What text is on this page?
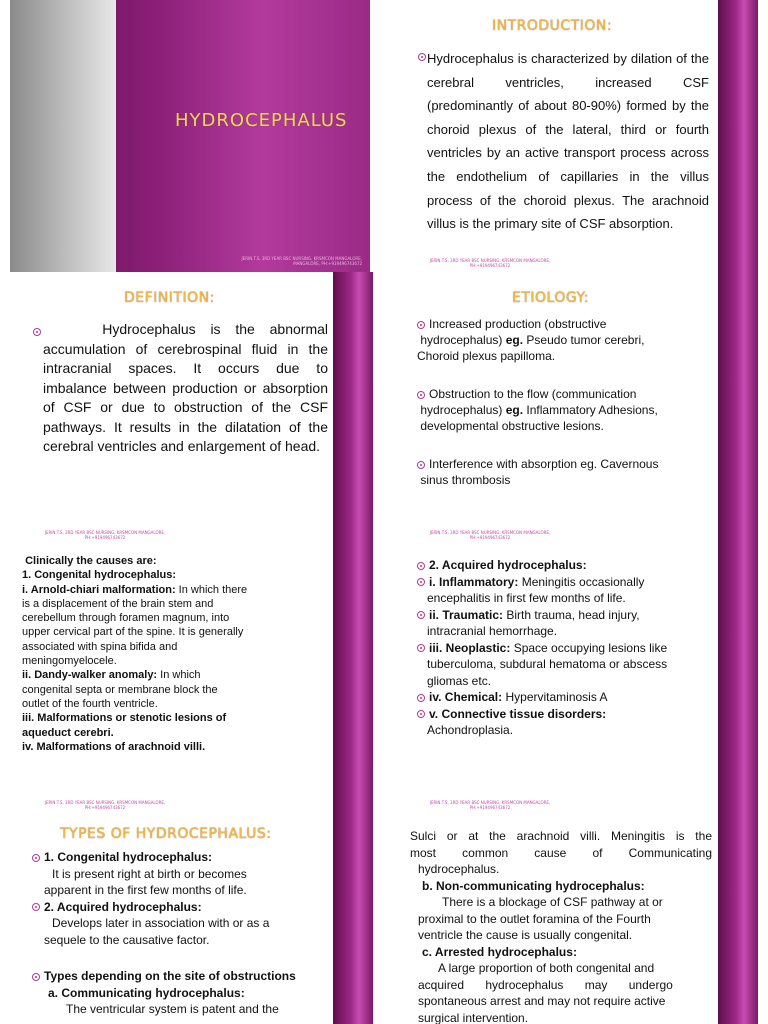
HYDROCEPHALUS
JERIN.T.S, 3RD YEAR BSC NURSING, KRSMCON MANGALORE,
MANGALORE, PH:+919496743672
INTRODUCTION:
Hydrocephalus is characterized by dilation of the cerebral ventricles, increased CSF (predominantly of about 80-90%) formed by the choroid plexus of the lateral, third or fourth ventricles by an active transport process across the endothelium of capillaries in the villus process of the choroid plexus. The arachnoid villus is the primary site of CSF absorption.
JERIN.T.S, 3RD YEAR BSC NURSING, KRSMCON MANGALORE,
PH:+919496743672
DEFINITION:
Hydrocephalus is the abnormal accumulation of cerebrospinal fluid in the intracranial spaces. It occurs due to imbalance between production or absorption of CSF or due to obstruction of the CSF pathways. It results in the dilatation of the cerebral ventricles and enlargement of head.
JERIN.T.S, 3RD YEAR BSC NURSING, KRSMCON MANGALORE,
PH:+919496743672
ETIOLOGY:
Increased production (obstructive
hydrocephalus) eg. Pseudo tumor cerebri,
Choroid plexus papilloma.
Obstruction to the flow (communication
hydrocephalus) eg. Inflammatory Adhesions,
developmental obstructive lesions.
Interference with absorption eg. Cavernous
sinus thrombosis
JERIN.T.S, 3RD YEAR BSC NURSING, KRSMCON MANGALORE,
PH:+919496743672
Clinically the causes are:
1. Congenital hydrocephalus:
i. Arnold-chiari malformation: In which there
is a displacement of the brain stem and
cerebellum through foramen magnum, into
upper cervical part of the spine. It is generally
associated with spina bifida and
meningomyelocele.
ii. Dandy-walker anomaly: In which
congenital septa or membrane block the
outlet of the fourth ventricle.
iii. Malformations or stenotic lesions of
aqueduct cerebri.
iv. Malformations of arachnoid villi.
JERIN.T.S, 3RD YEAR BSC NURSING, KRSMCON MANGALORE,
PH:+919496743672
2. Acquired hydrocephalus:
i. Inflammatory: Meningitis occasionally
encephalitis in first few months of life.
ii. Traumatic: Birth trauma, head injury,
intracranial hemorrhage.
iii. Neoplastic: Space occupying lesions like
tuberculoma, subdural hematoma or abscess
gliomas etc.
iv. Chemical: Hypervitaminosis A
v. Connective tissue disorders:
Achondroplasia.
JERIN.T.S, 3RD YEAR BSC NURSING, KRSMCON MANGALORE,
PH:+919496743672
TYPES OF HYDROCEPHALUS:
1. Congenital hydrocephalus:
It is present right at birth or becomes
apparent in the first few months of life.
2. Acquired hydrocephalus:
Develops later in association with or as a
sequele to the causative factor.
Types depending on the site of obstructions
a. Communicating hydrocephalus:
The ventricular system is patent and the
Sulci or at the arachnoid villi. Meningitis is the
most common cause of Communicating
hydrocephalus.
b. Non-communicating hydrocephalus:
There is a blockage of CSF pathway at or
proximal to the outlet foramina of the Fourth
ventricle the cause is usually congenital.
c. Arrested hydrocephalus:
A large proportion of both congenital and
acquired hydrocephalus may undergo
spontaneous arrest and may not require active
surgical intervention.
